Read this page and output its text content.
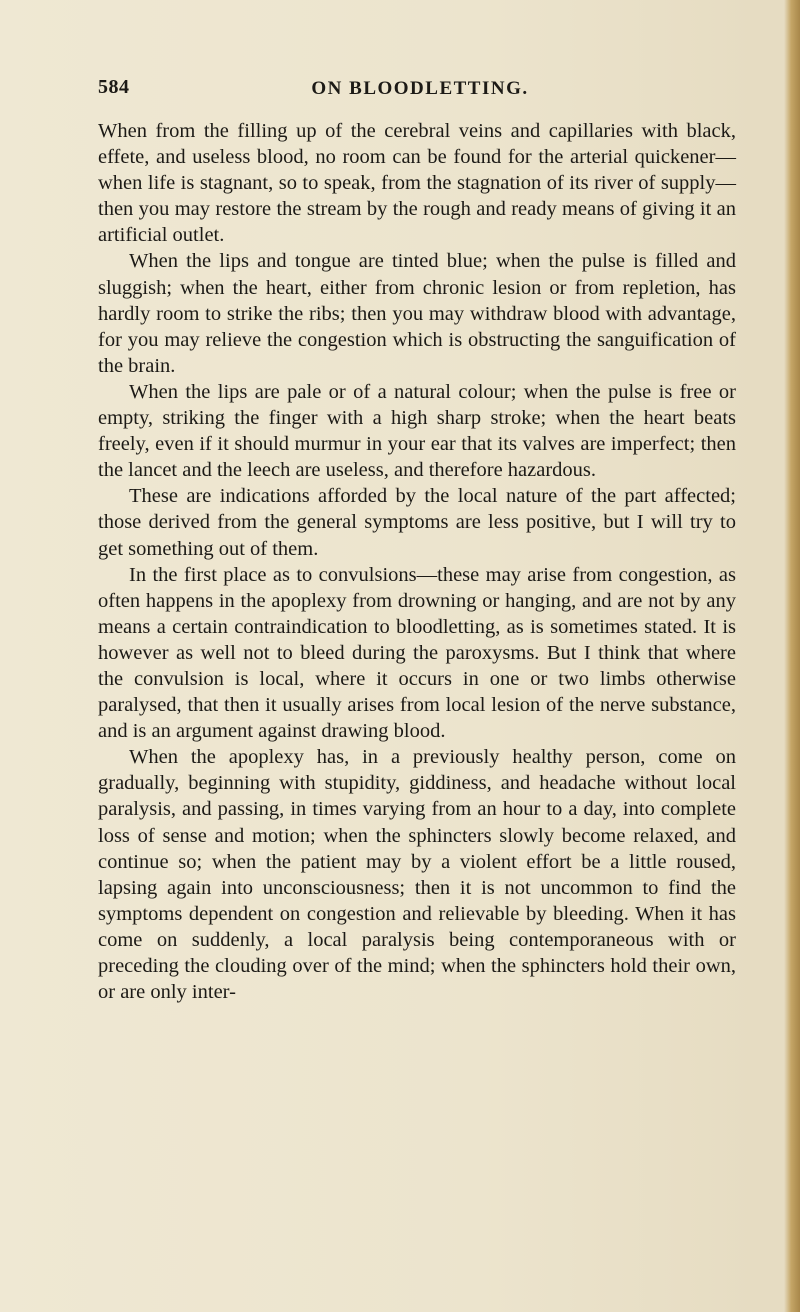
584	ON BLOODLETTING.

When from the filling up of the cerebral veins and capillaries with black, effete, and useless blood, no room can be found for the arterial quickener—when life is stagnant, so to speak, from the stagnation of its river of supply—then you may restore the stream by the rough and ready means of giving it an artificial outlet.

When the lips and tongue are tinted blue; when the pulse is filled and sluggish; when the heart, either from chronic lesion or from repletion, has hardly room to strike the ribs; then you may withdraw blood with advantage, for you may relieve the congestion which is obstructing the sanguification of the brain.

When the lips are pale or of a natural colour; when the pulse is free or empty, striking the finger with a high sharp stroke; when the heart beats freely, even if it should murmur in your ear that its valves are imperfect; then the lancet and the leech are useless, and therefore hazardous.

These are indications afforded by the local nature of the part affected; those derived from the general symptoms are less positive, but I will try to get something out of them.

In the first place as to convulsions—these may arise from congestion, as often happens in the apoplexy from drowning or hanging, and are not by any means a certain contraindication to bloodletting, as is sometimes stated. It is however as well not to bleed during the paroxysms. But I think that where the convulsion is local, where it occurs in one or two limbs otherwise paralysed, that then it usually arises from local lesion of the nerve substance, and is an argument against drawing blood.

When the apoplexy has, in a previously healthy person, come on gradually, beginning with stupidity, giddiness, and headache without local paralysis, and passing, in times varying from an hour to a day, into complete loss of sense and motion; when the sphincters slowly become relaxed, and continue so; when the patient may by a violent effort be a little roused, lapsing again into unconsciousness; then it is not uncommon to find the symptoms dependent on congestion and relievable by bleeding. When it has come on suddenly, a local paralysis being contemporaneous with or preceding the clouding over of the mind; when the sphincters hold their own, or are only inter-
